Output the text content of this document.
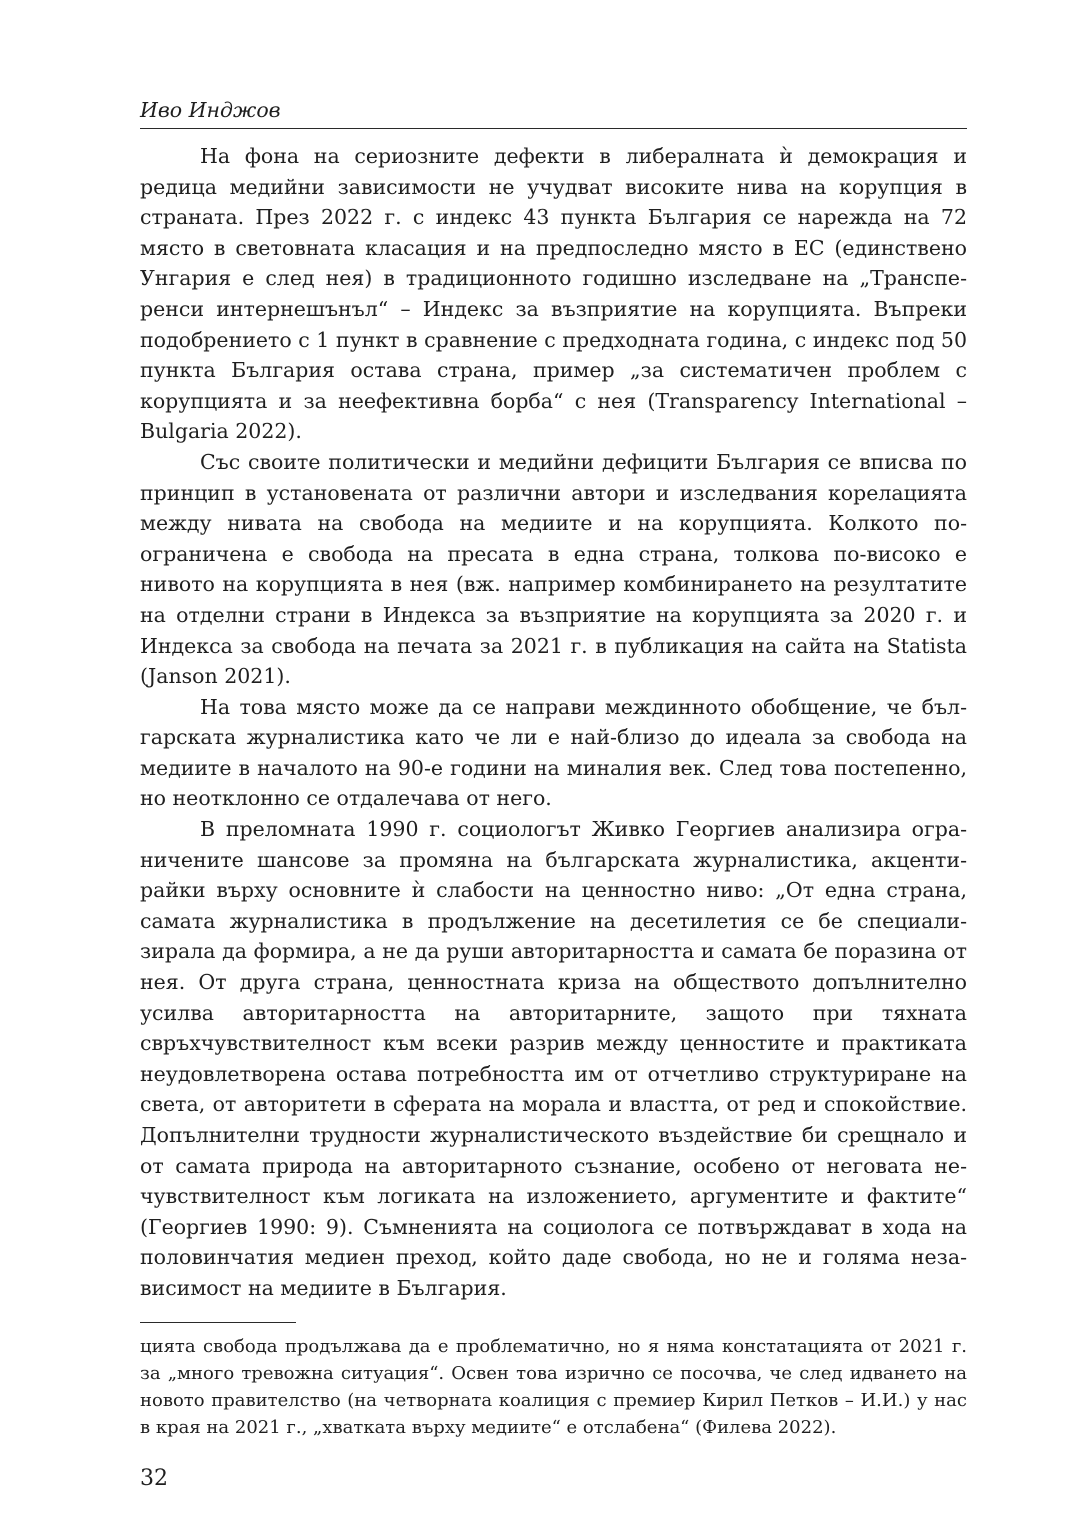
Иво Инджов

На фона на сериозните дефекти в либералната ѝ демокрация и редица медийни зависимости не учудват високите нива на корупция в страната. През 2022 г. с индекс 43 пункта България се нарежда на 72 място в световната класация и на предпоследно място в ЕС (единствено Унгария е след нея) в традиционното годишно изследване на „Трансперенси интернешънъл“ – Индекс за възприятие на корупцията. Въпреки подобрението с 1 пункт в сравнение с предходната година, с индекс под 50 пункта България остава страна, пример „за систематичен проблем с корупцията и за неефективна борба“ с нея (Transparency International – Bulgaria 2022).

Със своите политически и медийни дефицити България се вписва по принцип в установената от различни автори и изследвания корелацията между нивата на свобода на медиите и на корупцията. Колкото по-ограничена е свобода на пресата в една страна, толкова по-високо е нивото на корупцията в нея (вж. например комбинирането на резултатите на отделни страни в Индекса за възприятие на корупцията за 2020 г. и Индекса за свобода на печата за 2021 г. в публикация на сайта на Statista (Janson 2021).

На това място може да се направи междинното обобщение, че българската журналистика като че ли е най-близо до идеала за свобода на медиите в началото на 90-е години на миналия век. След това постепенно, но неотклонно се отдалечава от него.

В преломната 1990 г. социологът Живко Георгиев анализира ограничените шансове за промяна на българската журналистика, акцентирайки върху основните ѝ слабости на ценностно ниво: „От една страна, самата журналистика в продължение на десетилетия се бе специализирала да формира, а не да руши авторитарността и самата бе поразина от нея. От друга страна, ценностната криза на обществото допълнително усилва авторитарността на авторитарните, защото при тяхната свръхчувствителност към всеки разрив между ценностите и практиката неудовлетворена остава потребността им от отчетливо структуриране на света, от авторитети в сферата на морала и властта, от ред и спокойствие. Допълнителни трудности журналистическото въздействие би срещнало и от самата природа на авторитарното съзнание, особено от неговата нечувствителност към логиката на изложението, аргументите и фактите“ (Георгиев 1990: 9). Съмненията на социолога се потвърждават в хода на половинчатия медиен преход, който даде свобода, но не и голяма независимост на медиите в България.

цията свобода продължава да е проблематично, но я няма констатацията от 2021 г. за „много тревожна ситуация“. Освен това изрично се посочва, че след идването на новото правителство (на четворната коалиция с премиер Кирил Петков – И.И.) у нас в края на 2021 г., „хватката върху медиите“ е отслабена“ (Филева 2022).

32
